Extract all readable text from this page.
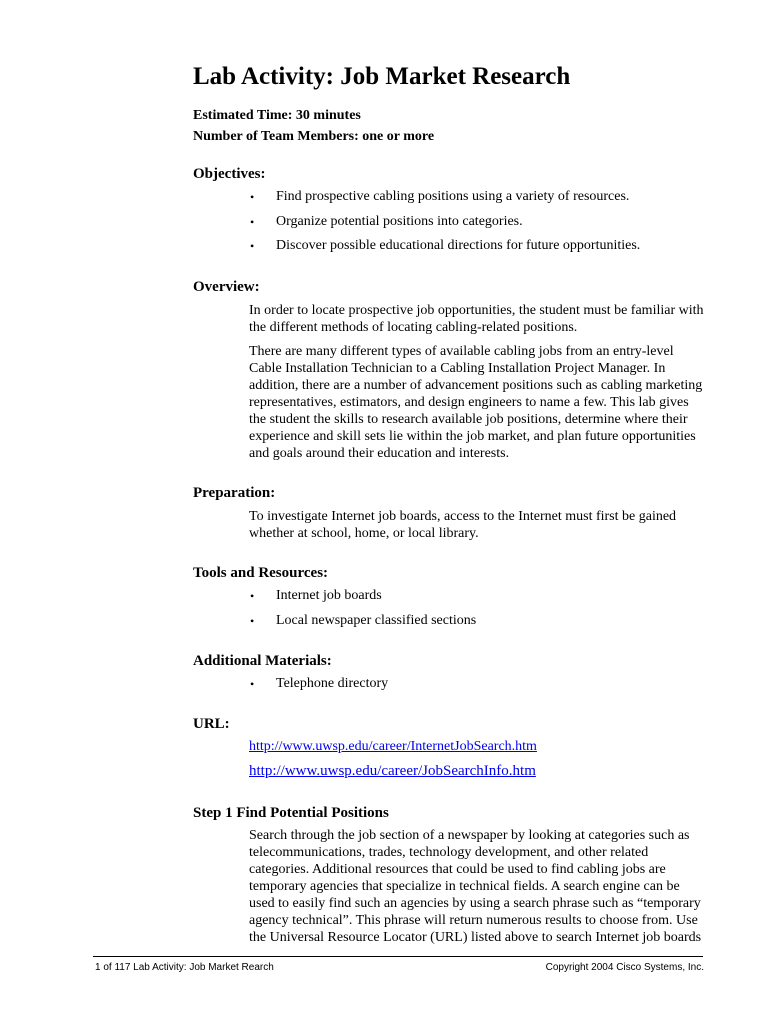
Lab Activity: Job Market Research
Estimated Time: 30 minutes
Number of Team Members: one or more
Objectives:
• Find prospective cabling positions using a variety of resources.
• Organize potential positions into categories.
• Discover possible educational directions for future opportunities.
Overview:

In order to locate prospective job opportunities, the student must be familiar with the different methods of locating cabling-related positions.

There are many different types of available cabling jobs from an entry-level Cable Installation Technician to a Cabling Installation Project Manager. In addition, there are a number of advancement positions such as cabling marketing representatives, estimators, and design engineers to name a few. This lab gives the student the skills to research available job positions, determine where their experience and skill sets lie within the job market, and plan future opportunities and goals around their education and interests.

Preparation:

To investigate Internet job boards, access to the Internet must first be gained whether at school, home, or local library.

Tools and Resources:
• Internet job boards
• Local newspaper classified sections
Additional Materials:
• Telephone directory
URL:
http://www.uwsp.edu/career/InternetJobSearch.htm
http://www.uwsp.edu/career/JobSearchInfo.htm
Step 1 Find Potential Positions

Search through the job section of a newspaper by looking at categories such as telecommunications, trades, technology development, and other related categories. Additional resources that could be used to find cabling jobs are temporary agencies that specialize in technical fields. A search engine can be used to easily find such an agencies by using a search phrase such as “temporary agency technical”. This phrase will return numerous results to choose from. Use the Universal Resource Locator (URL) listed above to search Internet job boards

1 of 117 Lab Activity: Job Market Rearch	Copyright 2004 Cisco Systems, Inc.
